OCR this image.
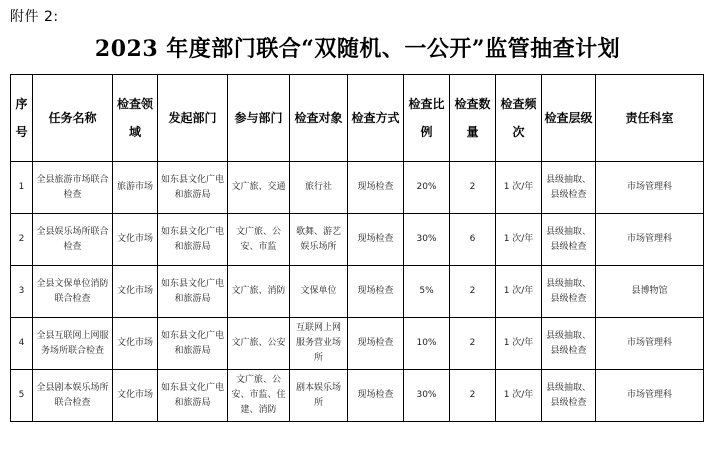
附件 2:
2023 年度部门联合“双随机、一公开”监管抽查计划
序号	任务名称	检查领域	发起部门	参与部门	检查对象	检查方式	检查比例	检查数量	检查频次	检查层级	责任科室
1	全县旅游市场联合检查	旅游市场	如东县文化广电和旅游局	文广旅、交通	旅行社	现场检查	20%	2	1 次/年	县级抽取、县级检查	市场管理科
2	全县娱乐场所联合检查	文化市场	如东县文化广电和旅游局	文广旅、公安、市监	歌舞、游艺娱乐场所	现场检查	30%	6	1 次/年	县级抽取、县级检查	市场管理科
3	全县文保单位消防联合检查	文化市场	如东县文化广电和旅游局	文广旅、消防	文保单位	现场检查	5%	2	1 次/年	县级抽取、县级检查	县博物馆
4	全县互联网上网服务场所联合检查	文化市场	如东县文化广电和旅游局	文广旅、公安	互联网上网服务营业场所	现场检查	10%	2	1 次/年	县级抽取、县级检查	市场管理科
5	全县剧本娱乐场所联合检查	文化市场	如东县文化广电和旅游局	文广旅、公安、市监、住建、消防	剧本娱乐场所	现场检查	30%	2	1 次/年	县级抽取、县级检查	市场管理科
